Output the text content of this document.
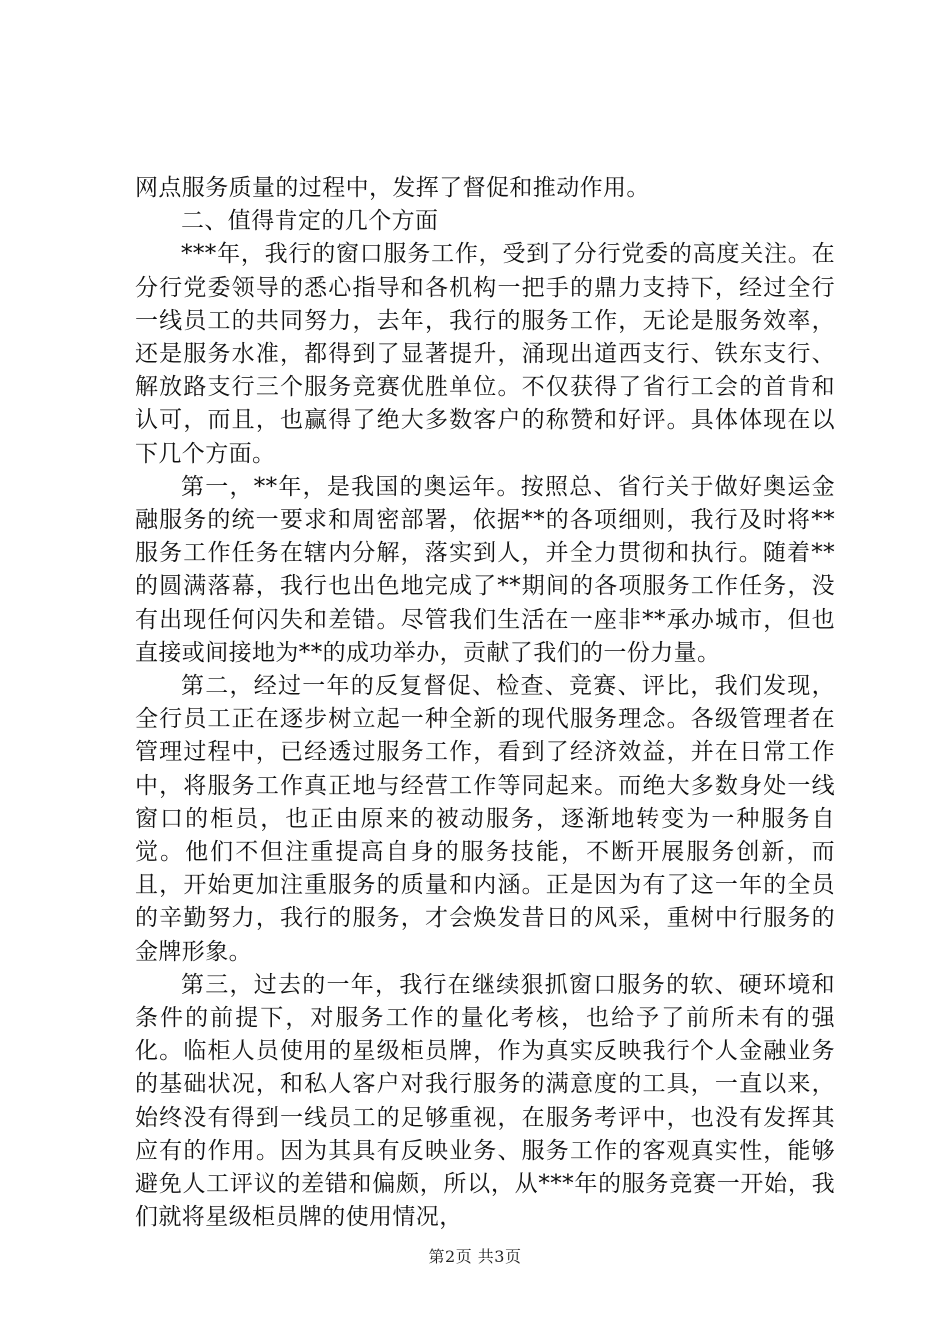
网点服务质量的过程中，发挥了督促和推动作用。

二、值得肯定的几个方面

***年，我行的窗口服务工作，受到了分行党委的高度关注。在分行党委领导的悉心指导和各机构一把手的鼎力支持下，经过全行一线员工的共同努力，去年，我行的服务工作，无论是服务效率，还是服务水准，都得到了显著提升，涌现出道西支行、铁东支行、解放路支行三个服务竞赛优胜单位。不仅获得了省行工会的首肯和认可，而且，也赢得了绝大多数客户的称赞和好评。具体体现在以下几个方面。

第一，**年，是我国的奥运年。按照总、省行关于做好奥运金融服务的统一要求和周密部署，依据**的各项细则，我行及时将**服务工作任务在辖内分解，落实到人，并全力贯彻和执行。随着**的圆满落幕，我行也出色地完成了**期间的各项服务工作任务，没有出现任何闪失和差错。尽管我们生活在一座非**承办城市，但也直接或间接地为**的成功举办，贡献了我们的一份力量。

第二，经过一年的反复督促、检查、竞赛、评比，我们发现，全行员工正在逐步树立起一种全新的现代服务理念。各级管理者在管理过程中，已经透过服务工作，看到了经济效益，并在日常工作中，将服务工作真正地与经营工作等同起来。而绝大多数身处一线窗口的柜员，也正由原来的被动服务，逐渐地转变为一种服务自觉。他们不但注重提高自身的服务技能，不断开展服务创新，而且，开始更加注重服务的质量和内涵。正是因为有了这一年的全员的辛勤努力，我行的服务，才会焕发昔日的风采，重树中行服务的金牌形象。

第三，过去的一年，我行在继续狠抓窗口服务的软、硬环境和条件的前提下，对服务工作的量化考核，也给予了前所未有的强化。临柜人员使用的星级柜员牌，作为真实反映我行个人金融业务的基础状况，和私人客户对我行服务的满意度的工具，一直以来，始终没有得到一线员工的足够重视，在服务考评中，也没有发挥其应有的作用。因为其具有反映业务、服务工作的客观真实性，能够避免人工评议的差错和偏颇，所以，从***年的服务竞赛一开始，我们就将星级柜员牌的使用情况，

第2页 共3页
